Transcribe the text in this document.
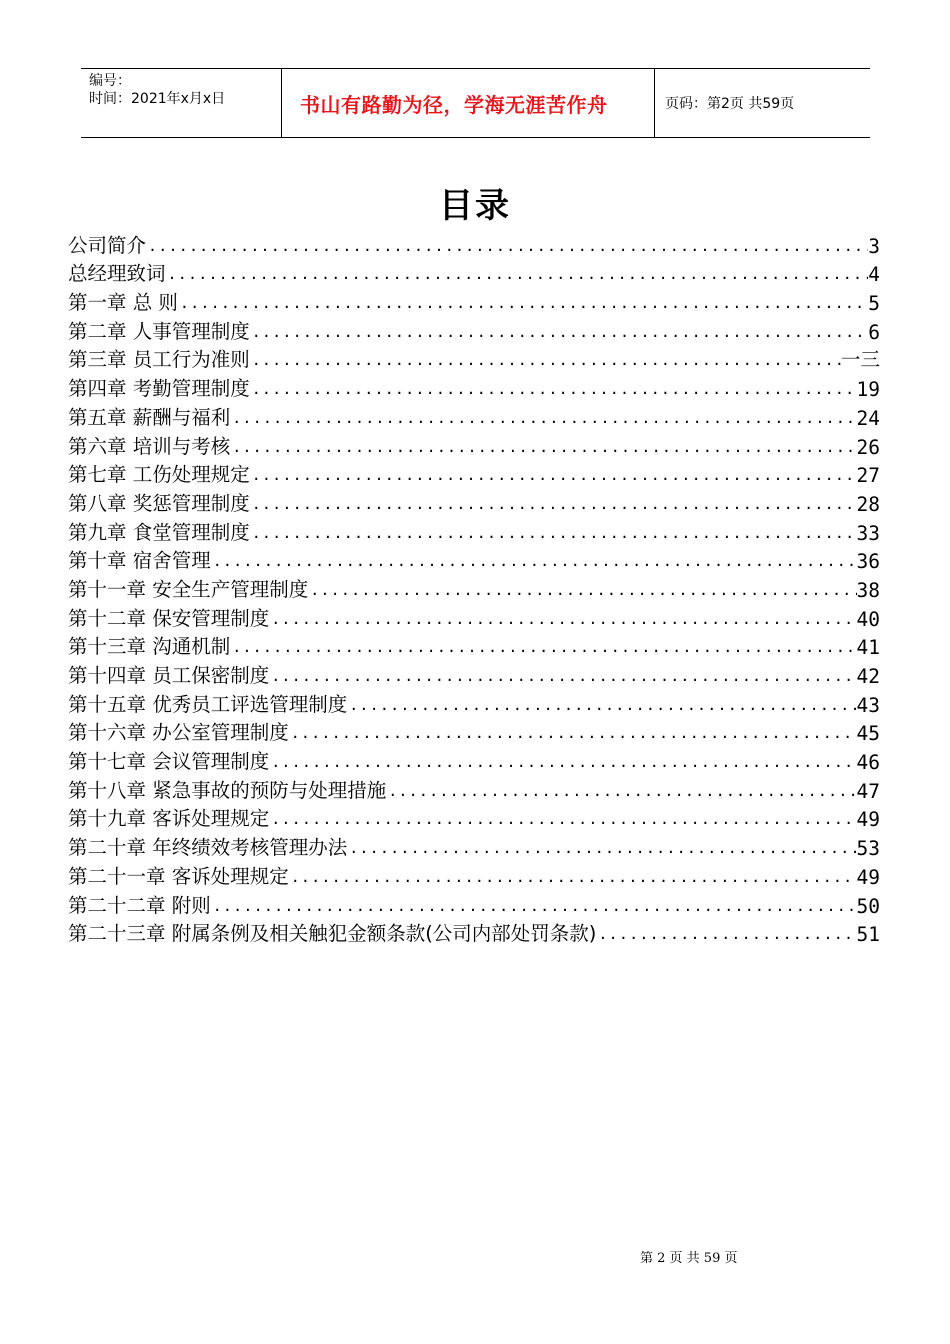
编号：
时间：2021年x月x日	书山有路勤为径，学海无涯苦作舟	页码：第2页 共59页
目录
公司简介 .....	3
总经理致词 .....	4
第一章 总 则 .....	5
第二章 人事管理制度 .....	6
第三章 员工行为准则 .....	一三
第四章 考勤管理制度 .....	19
第五章 薪酬与福利 .....	24
第六章 培训与考核 .....	26
第七章 工伤处理规定 .....	27
第八章 奖惩管理制度 .....	28
第九章 食堂管理制度 .....	33
第十章 宿舍管理 .....	36
第十一章 安全生产管理制度 .....	38
第十二章 保安管理制度 .....	40
第十三章 沟通机制 .....	41
第十四章 员工保密制度 .....	42
第十五章 优秀员工评选管理制度 .....	43
第十六章 办公室管理制度 .....	45
第十七章 会议管理制度 .....	46
第十八章 紧急事故的预防与处理措施 .....	47
第十九章 客诉处理规定 .....	49
第二十章 年终绩效考核管理办法 .....	53
第二十一章 客诉处理规定 .....	49
第二十二章 附则 .....	50
第二十三章 附属条例及相关触犯金额条款(公司内部处罚条款) .....	51
第 2 页 共 59 页
